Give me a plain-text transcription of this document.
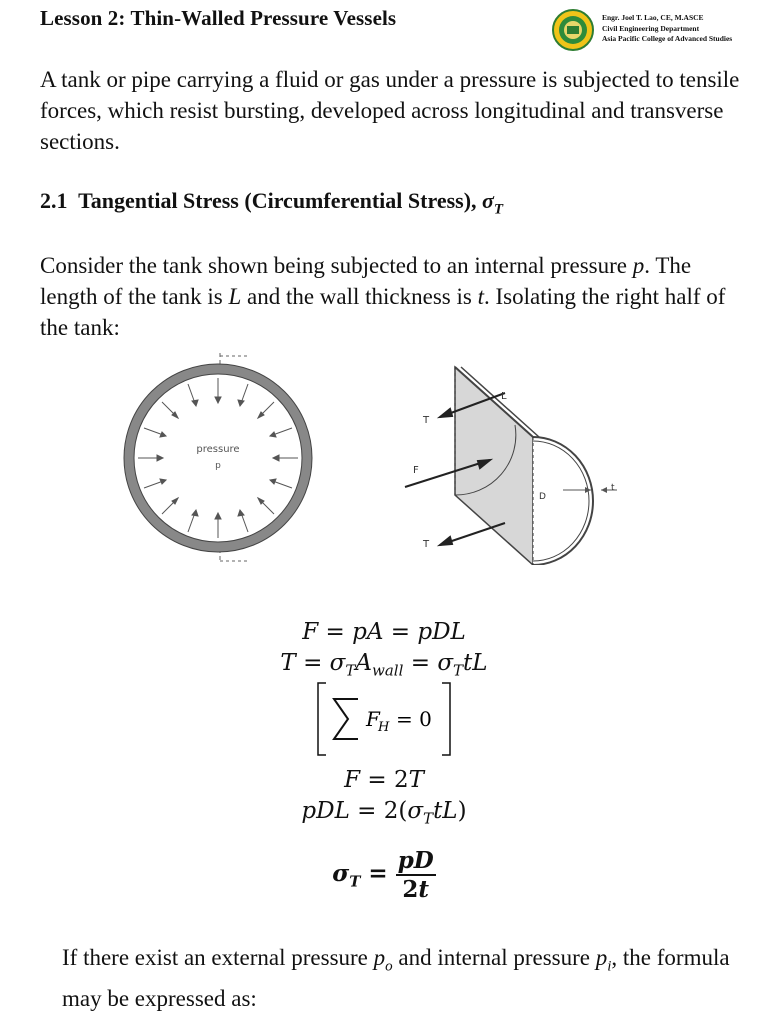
Lesson 2: Thin-Walled Pressure Vessels	Engr. Joel T. Lao, CE, M.ASCE
Civil Engineering Department
Asia Pacific College of Advanced Studies
A tank or pipe carrying a fluid or gas under a pressure is subjected to tensile forces, which resist bursting, developed across longitudinal and transverse sections.
2.1 Tangential Stress (Circumferential Stress), $\sigma_T$
Consider the tank shown being subjected to an internal pressure p. The length of the tank is L and the wall thickness is t. Isolating the right half of the tank:
pressure
p
T
F
T
L
D
t
F = pA = pDL
$T = \sigma_TA_{wall} = \sigma_TtL$
F
H = 0
F = 2T
pDL = $2(\sigma_TtL)$
$\sigma_T = \frac{pD}{2t}$
If there exist an external pressure $p_o$ and internal pressure $p_i$, the formula may be expressed as:
